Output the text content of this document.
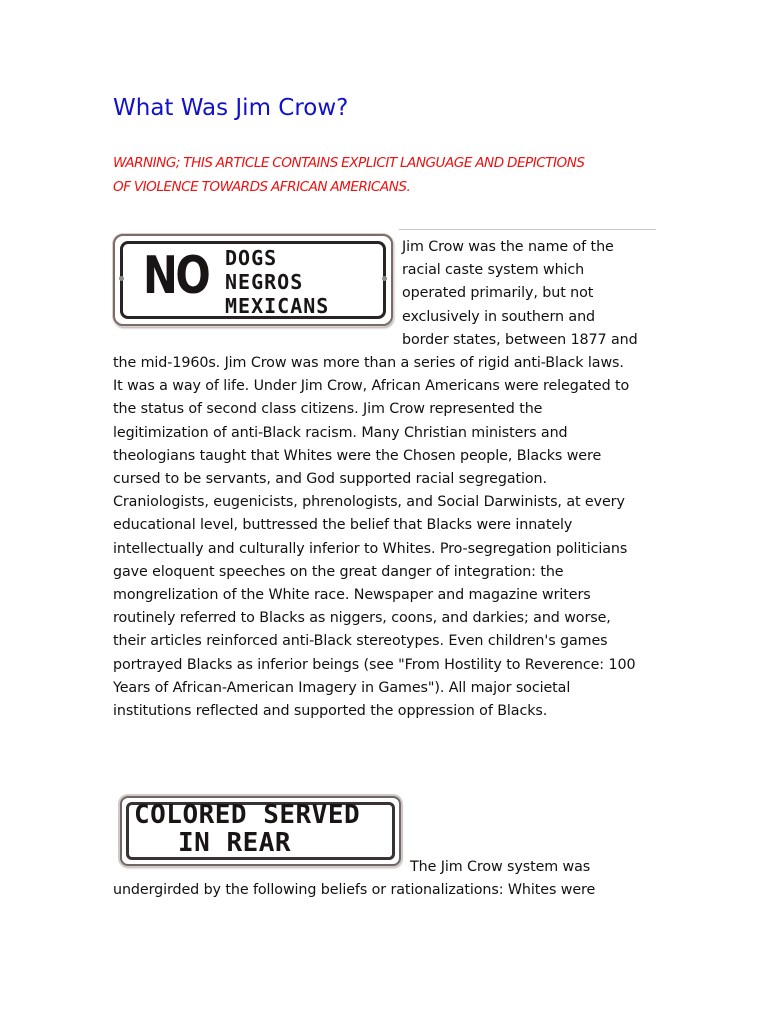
What Was Jim Crow?

WARNING; THIS ARTICLE CONTAINS EXPLICIT LANGUAGE AND DEPICTIONS
OF VIOLENCE TOWARDS AFRICAN AMERICANS.

NO DOGS
NEGROS
MEXICANS
Jim Crow was the name of the
racial caste system which
operated primarily, but not
exclusively in southern and
border states, between 1877 and
the mid-1960s. Jim Crow was more than a series of rigid anti-Black laws.
It was a way of life. Under Jim Crow, African Americans were relegated to
the status of second class citizens. Jim Crow represented the
legitimization of anti-Black racism. Many Christian ministers and
theologians taught that Whites were the Chosen people, Blacks were
cursed to be servants, and God supported racial segregation.
Craniologists, eugenicists, phrenologists, and Social Darwinists, at every
educational level, buttressed the belief that Blacks were innately
intellectually and culturally inferior to Whites. Pro-segregation politicians
gave eloquent speeches on the great danger of integration: the
mongrelization of the White race. Newspaper and magazine writers
routinely referred to Blacks as niggers, coons, and darkies; and worse,
their articles reinforced anti-Black stereotypes. Even children's games
portrayed Blacks as inferior beings (see "From Hostility to Reverence: 100
Years of African-American Imagery in Games"). All major societal
institutions reflected and supported the oppression of Blacks.
COLORED SERVED
IN REAR
The Jim Crow system was
undergirded by the following beliefs or rationalizations: Whites were
